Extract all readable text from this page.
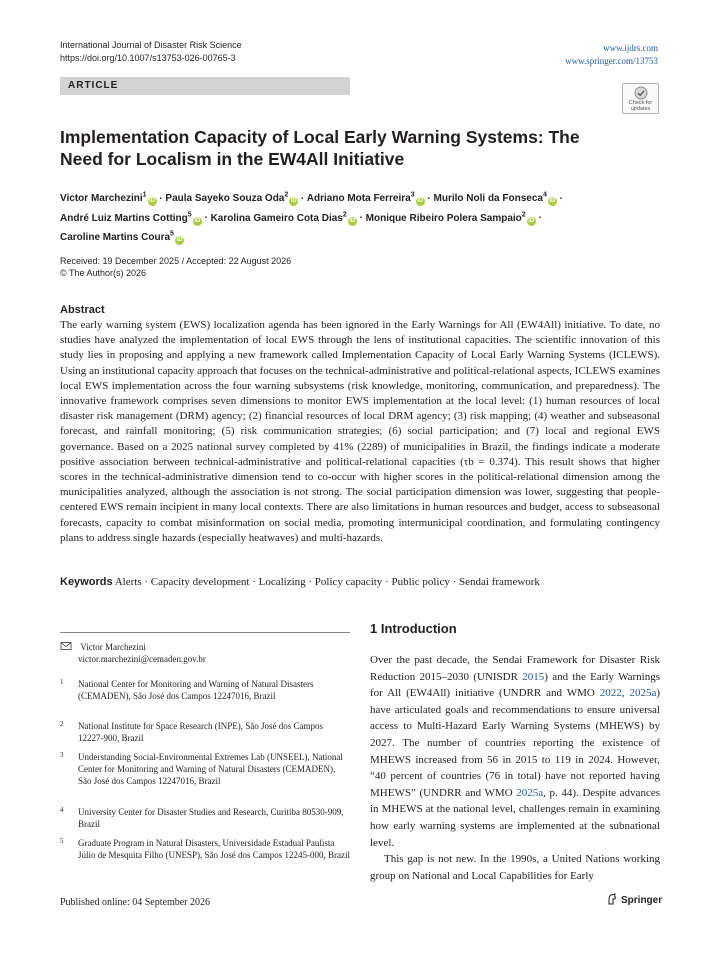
International Journal of Disaster Risk Science
https://doi.org/10.1007/s13753-026-00765-3
www.ijdrs.com
www.springer.com/13753
ARTICLE
Check for
updates
Implementation Capacity of Local Early Warning Systems: The Need for Localism in the EW4All Initiative
Victor Marchezini$^1$iD · Paula Sayeko Souza Oda$^2$iD · Adriano Mota Ferreira$^3$iD · Murilo Noli da Fonseca$^4$iD ·
André Luiz Martins Cotting$^5$iD · Karolina Gameiro Cota Dias$^2$iD · Monique Ribeiro Polera Sampaio$^2$iD ·
Caroline Martins Coura$^5$iD
Received: 19 December 2025 / Accepted: 22 August 2026
© The Author(s) 2026
Abstract

The early warning system (EWS) localization agenda has been ignored in the Early Warnings for All (EW4All) initiative. To date, no studies have analyzed the implementation of local EWS through the lens of institutional capacities. The scientific innovation of this study lies in proposing and applying a new framework called Implementation Capacity of Local Early Warning Systems (ICLEWS). Using an institutional capacity approach that focuses on the technical-administrative and political-relational aspects, ICLEWS examines local EWS implementation across the four warning subsystems (risk knowledge, monitoring, communication, and preparedness). The innovative framework comprises seven dimensions to monitor EWS implementation at the local level: (1) human resources of local disaster risk management (DRM) agency; (2) financial resources of local DRM agency; (3) risk mapping; (4) weather and subseasonal forecast, and rainfall monitoring; (5) risk communication strategies; (6) social participation; and (7) local and regional EWS governance. Based on a 2025 national survey completed by 41% (2289) of municipalities in Brazil, the findings indicate a moderate positive association between technical-administrative and political-relational capacities (τb = 0.374). This result shows that higher scores in the technical-administrative dimension tend to co-occur with higher scores in the political-relational dimension among the municipalities analyzed, although the association is not strong. The social participation dimension was lower, suggesting that people-centered EWS remain incipient in many local contexts. There are also limitations in human resources and budget, access to subseasonal forecasts, capacity to combat misinformation on social media, promoting intermunicipal coordination, and formulating contingency plans to address single hazards (especially heatwaves) and multi-hazards.

Keywords Alerts · Capacity development · Localizing · Policy capacity · Public policy · Sendai framework
Victor Marchezini
victor.marchezini@cemaden.gov.br
1 National Center for Monitoring and Warning of Natural Disasters (CEMADEN), São José dos Campos 12247016, Brazil
2 National Institute for Space Research (INPE), São José dos Campos 12227-900, Brazil
3 Understanding Social-Environmental Extremes Lab (UNSEEL), National Center for Monitoring and Warning of Natural Disasters (CEMADEN), São José dos Campos 12247016, Brazil
4 University Center for Disaster Studies and Research, Curitiba 80530-909, Brazil
5 Graduate Program in Natural Disasters, Universidade Estadual Paulista Júlio de Mesquita Filho (UNESP), São José dos Campos 12245-000, Brazil
1 Introduction

Over the past decade, the Sendai Framework for Disaster Risk Reduction 2015–2030 (UNISDR 2015) and the Early Warnings for All (EW4All) initiative (UNDRR and WMO 2022, 2025a) have articulated goals and recommendations to ensure universal access to Multi-Hazard Early Warning Systems (MHEWS) by 2027. The number of countries reporting the existence of MHEWS increased from 56 in 2015 to 119 in 2024. However, “40 percent of countries (76 in total) have not reported having MHEWS” (UNDRR and WMO 2025a, p. 44). Despite advances in MHEWS at the national level, challenges remain in examining how early warning systems are implemented at the subnational level.

This gap is not new. In the 1990s, a United Nations working group on National and Local Capabilities for Early

Published online: 04 September 2026	Springer
